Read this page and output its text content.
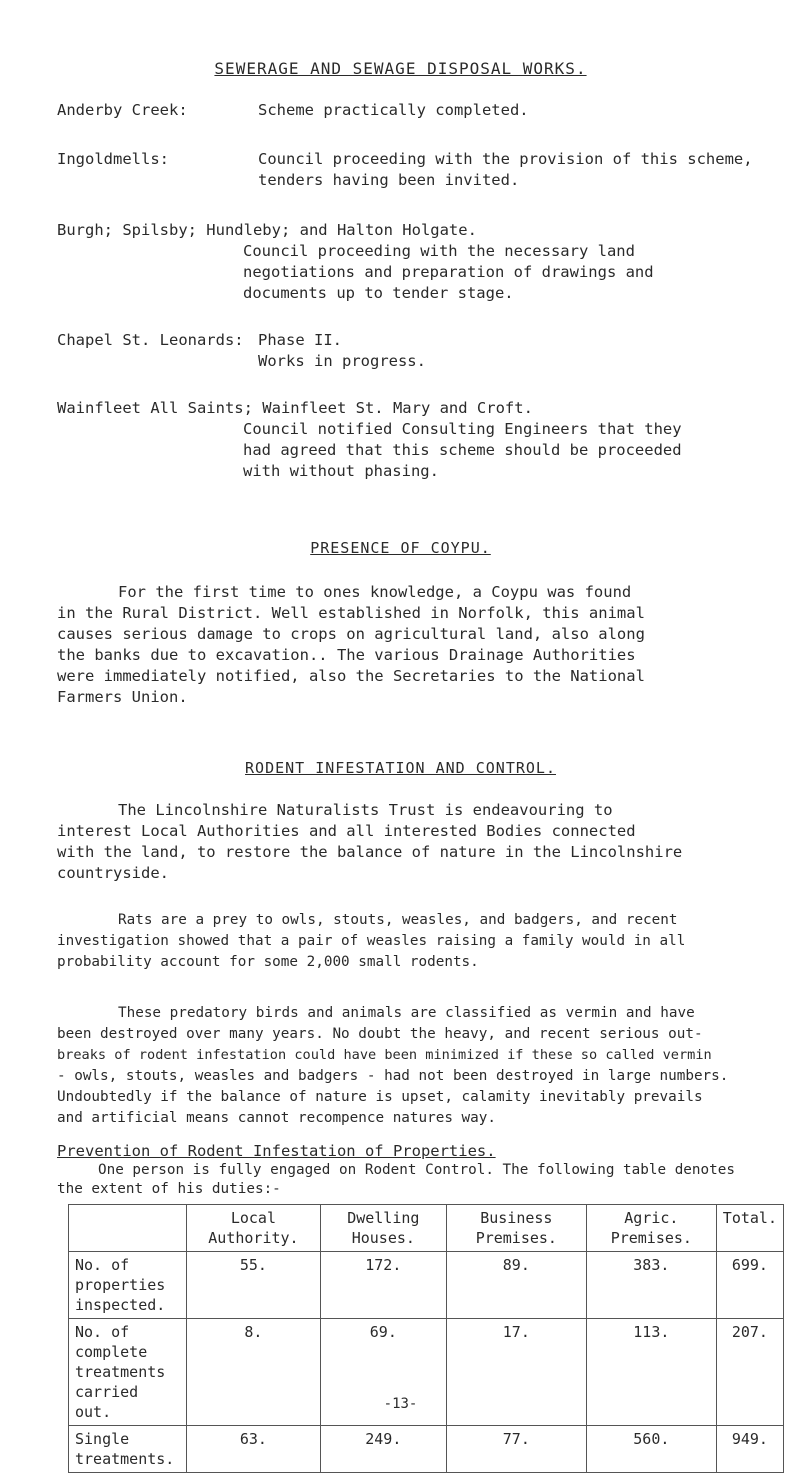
SEWERAGE AND SEWAGE DISPOSAL WORKS.
Anderby Creek:	Scheme practically completed.
Ingoldmells:	Council proceeding with the provision of this scheme,
tenders having been invited.
Burgh; Spilsby; Hundleby; and Halton Holgate.
Council proceeding with the necessary land
negotiations and preparation of drawings and
documents up to tender stage.
Chapel St. Leonards: Phase II.
Works in progress.
Wainfleet All Saints; Wainfleet St. Mary and Croft.
Council notified Consulting Engineers that they
had agreed that this scheme should be proceeded
with without phasing.
PRESENCE OF COYPU.
For the first time to ones knowledge, a Coypu was found
in the Rural District. Well established in Norfolk, this animal
causes serious damage to crops on agricultural land, also along
the banks due to excavation.. The various Drainage Authorities
were immediately notified, also the Secretaries to the National
Farmers Union.
RODENT INFESTATION AND CONTROL.
The Lincolnshire Naturalists Trust is endeavouring to
interest Local Authorities and all interested Bodies connected
with the land, to restore the balance of nature in the Lincolnshire
countryside.
Rats are a prey to owls, stouts, weasles, and badgers, and recent
investigation showed that a pair of weasles raising a family would in all
probability account for some 2,000 small rodents.
These predatory birds and animals are classified as vermin and have
been destroyed over many years. No doubt the heavy, and recent serious out-
breaks of rodent infestation could have been minimized if these so called vermin
- owls, stouts, weasles and badgers - had not been destroyed in large numbers.
Undoubtedly if the balance of nature is upset, calamity inevitably prevails
and artificial means cannot recompence natures way.
Prevention of Rodent Infestation of Properties.
One person is fully engaged on Rodent Control. The following table denotes
the extent of his duties:-
	Local Authority.	Dwelling Houses.	Business Premises.	Agric. Premises.	Total.
No. of properties inspected.	55.	172.	89.	383.	699.
No. of complete treatments carried out.	8.	69.	17.	113.	207.
Single treatments.	63.	249.	77.	560.	949.
-13-
